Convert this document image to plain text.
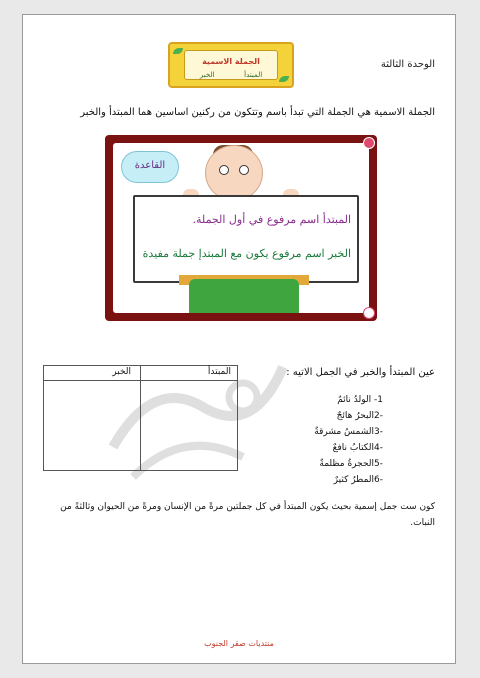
الجملة الاسمية
المبتدأ
الخبر
الوحدة الثالثة
الجملة الاسمية هي الجملة التي تبدأ باسم وتتكون من ركنين اساسين هما المبتدأ والخبر
القاعدة
المبتدأ اسم مرفوع في أول الجملة.
الخبر اسم مرفوع يكون مع المبتدإ جملة مفيدة
عين المبتدأ والخبر في الجمل الاتيه :
المبتدأ
الخبر
1- الولدُ نائمٌ
-2البحرُ هائجٌ
-3الشمسُ مشرقةٌ
-4الكتابُ نافعٌ
-5الحجرةُ مظلمةٌ
-6المطرُ كثيرٌ
كون ست جمل إسمية بحيث يكون المبتدأ في كل جملتين مرةً من الإنسان ومرةً من الحيوان وثالثةً من النبات.
منتديات صقر الجنوب
